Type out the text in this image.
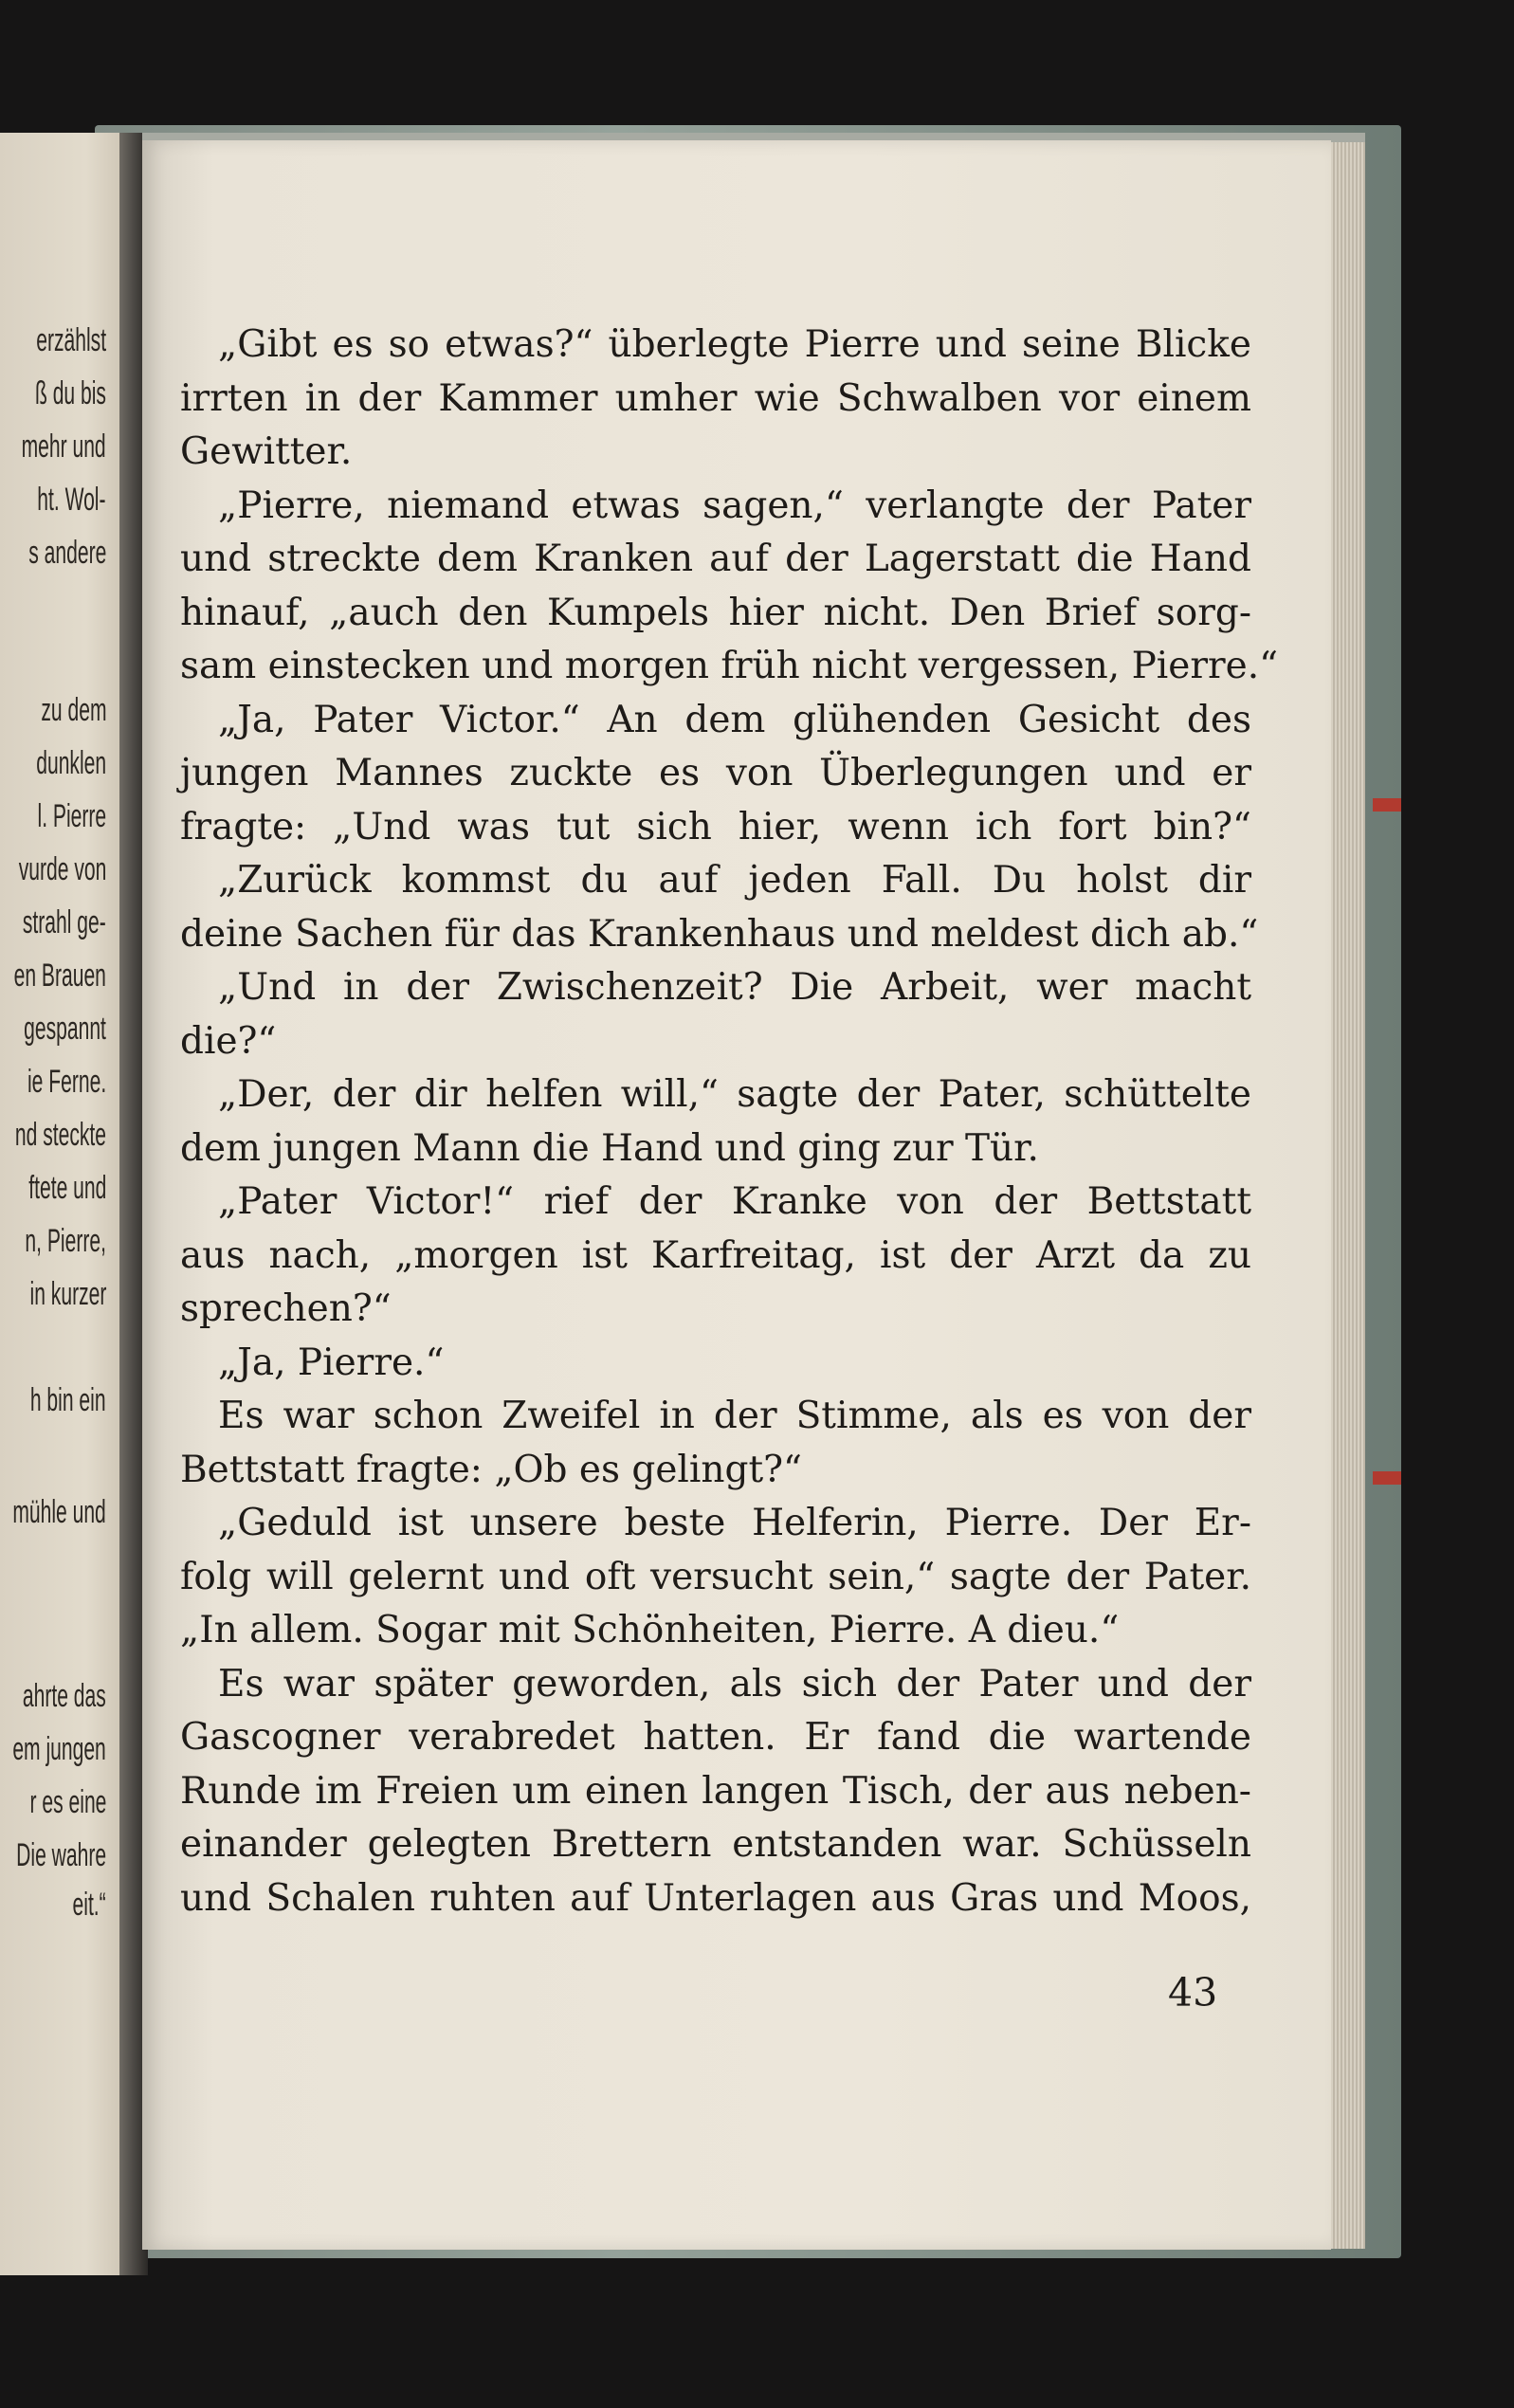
erzählst
ß du bis
mehr und
ht. Wol-
s andere
zu dem
dunklen
l. Pierre
vurde von
strahl ge-
en Brauen
gespannt
ie Ferne.
nd steckte
ftete und
n, Pierre,
in kurzer
h bin ein
mühle und
ahrte das
em jungen
r es eine
Die wahre
eit.“
„Gibt es so etwas?“ überlegte Pierre und seine Blicke
irrten in der Kammer umher wie Schwalben vor einem
Gewitter.
„Pierre, niemand etwas sagen,“ verlangte der Pater
und streckte dem Kranken auf der Lagerstatt die Hand
hinauf, „auch den Kumpels hier nicht. Den Brief sorg-
sam einstecken und morgen früh nicht vergessen, Pierre.“
„Ja, Pater Victor.“ An dem glühenden Gesicht des
jungen Mannes zuckte es von Überlegungen und er
fragte: „Und was tut sich hier, wenn ich fort bin?“
„Zurück kommst du auf jeden Fall. Du holst dir
deine Sachen für das Krankenhaus und meldest dich ab.“
„Und in der Zwischenzeit? Die Arbeit, wer macht
die?“
„Der, der dir helfen will,“ sagte der Pater, schüttelte
dem jungen Mann die Hand und ging zur Tür.
„Pater Victor!“ rief der Kranke von der Bettstatt
aus nach, „morgen ist Karfreitag, ist der Arzt da zu
sprechen?“
„Ja, Pierre.“
Es war schon Zweifel in der Stimme, als es von der
Bettstatt fragte: „Ob es gelingt?“
„Geduld ist unsere beste Helferin, Pierre. Der Er-
folg will gelernt und oft versucht sein,“ sagte der Pater.
„In allem. Sogar mit Schönheiten, Pierre. A dieu.“
Es war später geworden, als sich der Pater und der
Gascogner verabredet hatten. Er fand die wartende
Runde im Freien um einen langen Tisch, der aus neben-
einander gelegten Brettern entstanden war. Schüsseln
und Schalen ruhten auf Unterlagen aus Gras und Moos,
43
